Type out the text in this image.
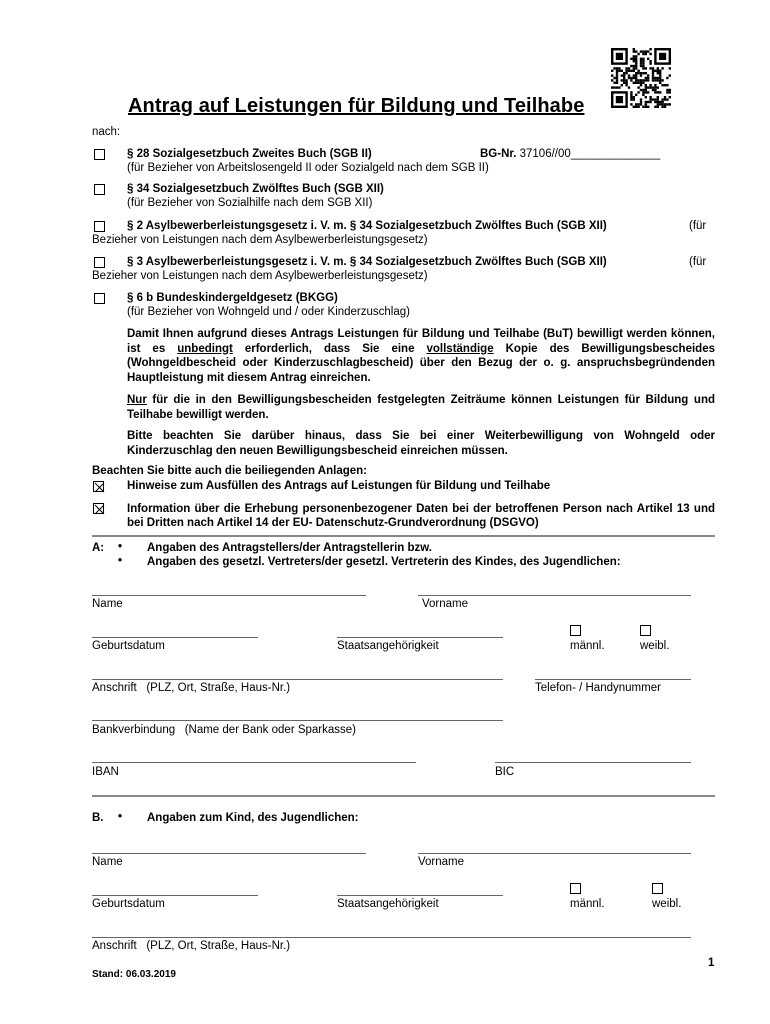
Antrag auf Leistungen für Bildung und Teilhabe
nach:
§ 28 Sozialgesetzbuch Zweites Buch (SGB II)	BG-Nr. 37106//00______________
(für Bezieher von Arbeitslosengeld II oder Sozialgeld nach dem SGB II)
§ 34 Sozialgesetzbuch Zwölftes Buch (SGB XII)
(für Bezieher von Sozialhilfe nach dem SGB XII)
§ 2 Asylbewerberleistungsgesetz i. V. m. § 34 Sozialgesetzbuch Zwölftes Buch (SGB XII)	(für
Bezieher von Leistungen nach dem Asylbewerberleistungsgesetz)
§ 3 Asylbewerberleistungsgesetz i. V. m. § 34 Sozialgesetzbuch Zwölftes Buch (SGB XII)	(für
Bezieher von Leistungen nach dem Asylbewerberleistungsgesetz)
§ 6 b Bundeskindergeldgesetz (BKGG)
(für Bezieher von Wohngeld und / oder Kinderzuschlag)
Damit Ihnen aufgrund dieses Antrags Leistungen für Bildung und Teilhabe (BuT) bewilligt werden können, ist es unbedingt erforderlich, dass Sie eine vollständige Kopie des Bewilligungsbescheides (Wohngeldbescheid oder Kinderzuschlagbescheid) über den Bezug der o. g. anspruchsbegründenden Hauptleistung mit diesem Antrag einreichen.
Nur für die in den Bewilligungsbescheiden festgelegten Zeiträume können Leistungen für Bildung und Teilhabe bewilligt werden.
Bitte beachten Sie darüber hinaus, dass Sie bei einer Weiterbewilligung von Wohngeld oder Kinderzuschlag den neuen Bewilligungsbescheid einreichen müssen.
Beachten Sie bitte auch die beiliegenden Anlagen:
Hinweise zum Ausfüllen des Antrags auf Leistungen für Bildung und Teilhabe
Information über die Erhebung personenbezogener Daten bei der betroffenen Person nach Artikel 13 und bei Dritten nach Artikel 14 der EU- Datenschutz-Grundverordnung (DSGVO)
A: • Angaben des Antragstellers/der Antragstellerin bzw.
• Angaben des gesetzl. Vertreters/der gesetzl. Vertreterin des Kindes, des Jugendlichen:
Name	Vorname
Geburtsdatum	Staatsangehörigkeit	männl.	weibl.
Anschrift   (PLZ, Ort, Straße, Haus-Nr.)	Telefon- / Handynummer
Bankverbindung   (Name der Bank oder Sparkasse)
IBAN	BIC
B. • Angaben zum Kind, des Jugendlichen:
Name	Vorname
Geburtsdatum	Staatsangehörigkeit	männl.	weibl.
Anschrift   (PLZ, Ort, Straße, Haus-Nr.)
1
Stand: 06.03.2019
